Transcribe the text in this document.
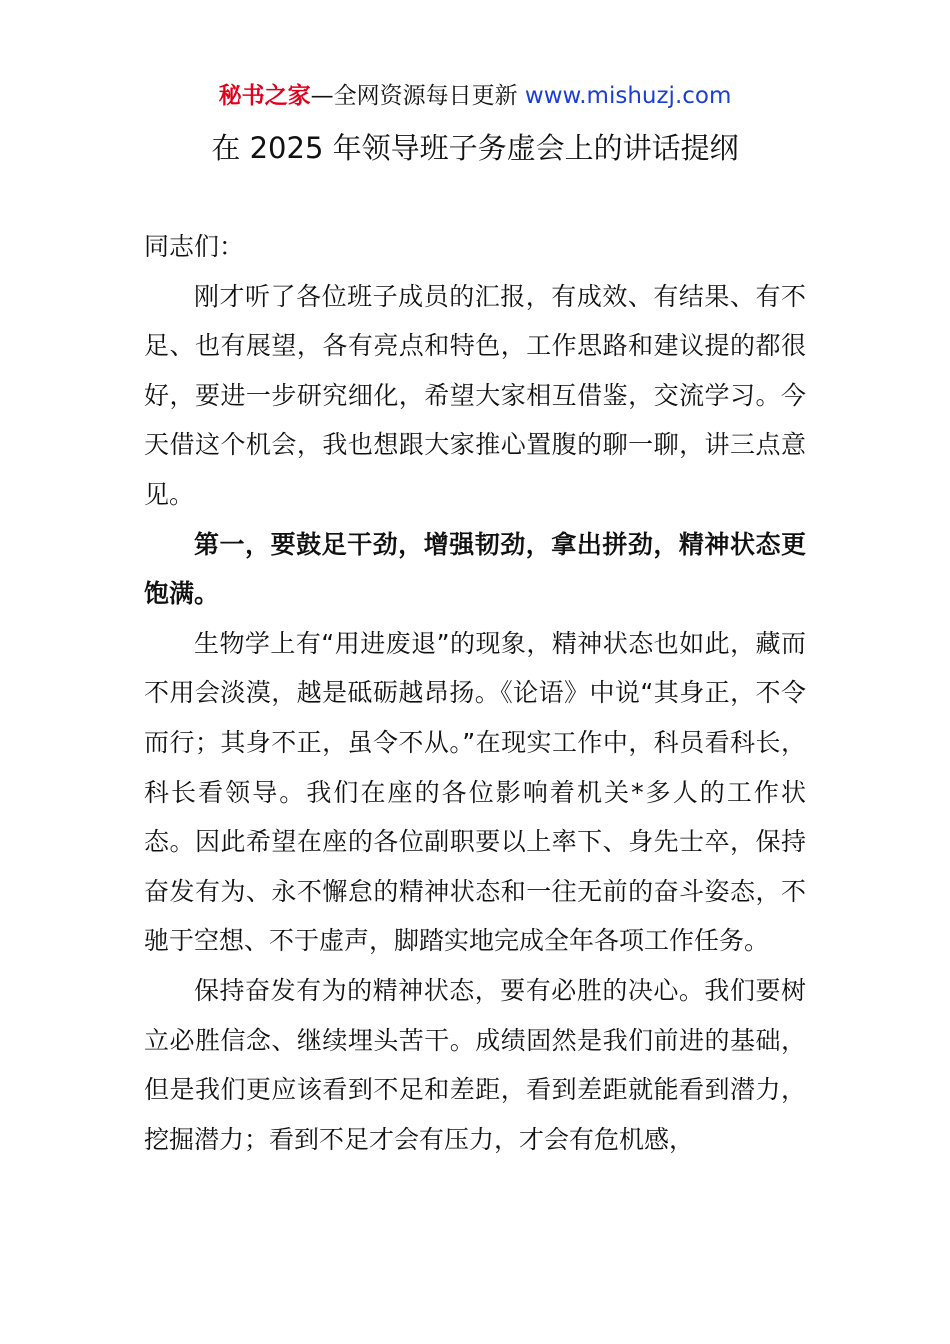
秘书之家—全网资源每日更新 www.mishuzj.com
在 2025 年领导班子务虚会上的讲话提纲

同志们：

刚才听了各位班子成员的汇报，有成效、有结果、有不足、也有展望，各有亮点和特色，工作思路和建议提的都很好，要进一步研究细化，希望大家相互借鉴，交流学习。今天借这个机会，我也想跟大家推心置腹的聊一聊，讲三点意见。

第一，要鼓足干劲，增强韧劲，拿出拼劲，精神状态更饱满。

生物学上有“用进废退”的现象，精神状态也如此，藏而不用会淡漠，越是砥砺越昂扬。《论语》中说“其身正，不令而行；其身不正，虽令不从。”在现实工作中，科员看科长，科长看领导。我们在座的各位影响着机关*多人的工作状态。因此希望在座的各位副职要以上率下、身先士卒，保持奋发有为、永不懈怠的精神状态和一往无前的奋斗姿态，不驰于空想、不于虚声，脚踏实地完成全年各项工作任务。

保持奋发有为的精神状态，要有必胜的决心。我们要树立必胜信念、继续埋头苦干。成绩固然是我们前进的基础，但是我们更应该看到不足和差距，看到差距就能看到潜力，挖掘潜力；看到不足才会有压力，才会有危机感，
